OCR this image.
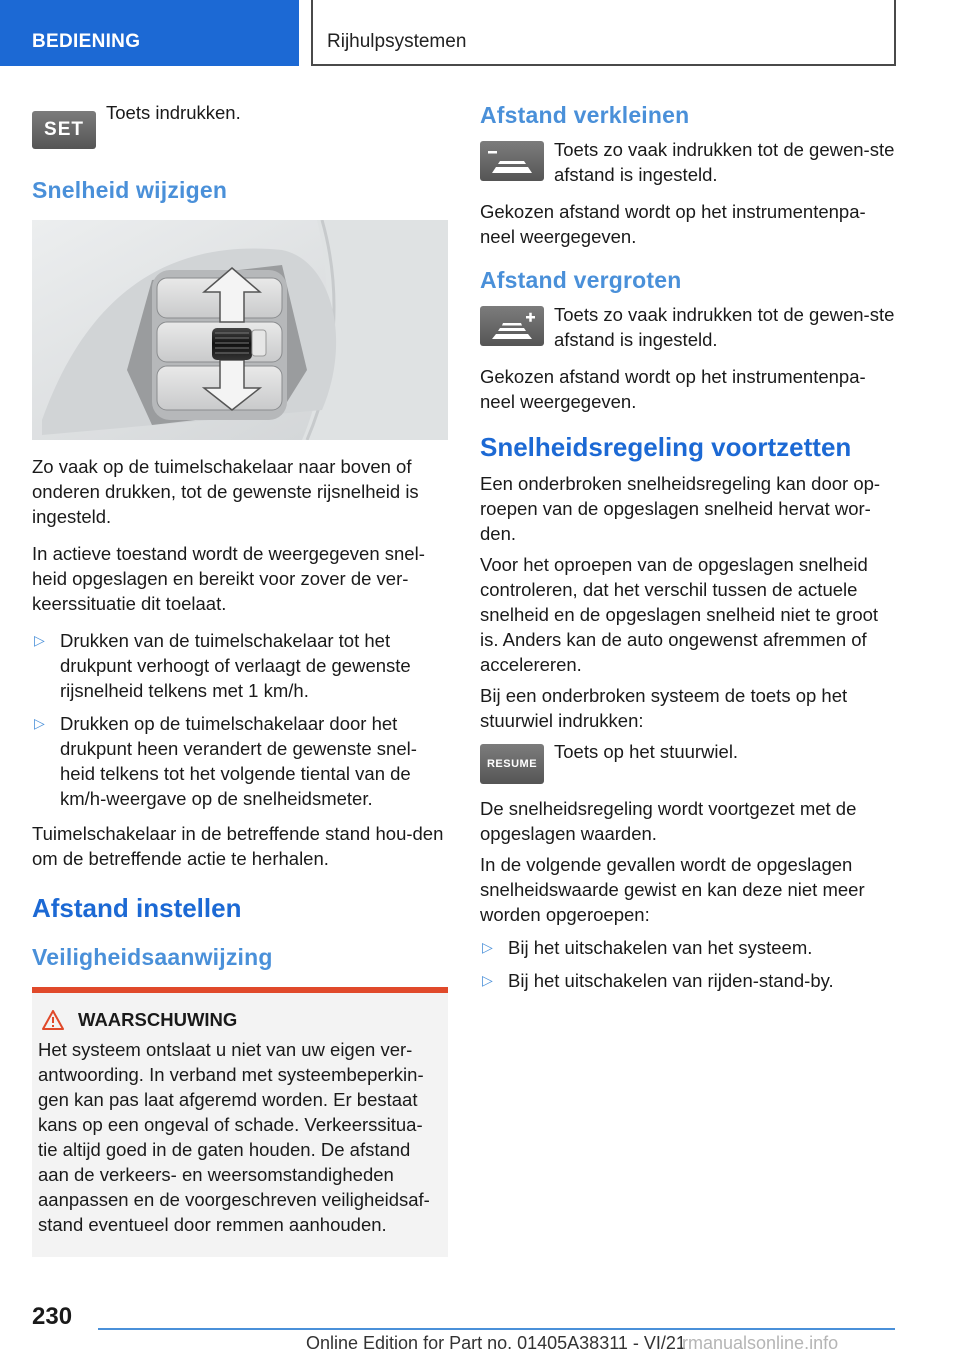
BEDIENING	Rijhulpsystemen
SET
Toets indrukken.
Snelheid wijzigen

Zo vaak op de tuimelschakelaar naar boven of onderen drukken, tot de gewenste rijsnelheid is ingesteld.

In actieve toestand wordt de weergegeven snel-heid opgeslagen en bereikt voor zover de ver-keerssituatie dit toelaat.

▷ Drukken van de tuimelschakelaar tot het drukpunt verhoogt of verlaagt de gewenste rijsnelheid telkens met 1 km/h.
▷ Drukken op de tuimelschakelaar door het drukpunt heen verandert de gewenste snel-heid telkens tot het volgende tiental van de km/h-weergave op de snelheidsmeter.

Tuimelschakelaar in de betreffende stand hou-den om de betreffende actie te herhalen.

Afstand instellen
Veiligheidsaanwijzing
WAARSCHUWING

Het systeem ontslaat u niet van uw eigen ver-antwoording. In verband met systeembeperkin-gen kan pas laat afgeremd worden. Er bestaat kans op een ongeval of schade. Verkeerssitua-tie altijd goed in de gaten houden. De afstand aan de verkeers- en weersomstandigheden aanpassen en de voorgeschreven veiligheidsaf-stand eventueel door remmen aanhouden.

Afstand verkleinen
Toets zo vaak indrukken tot de gewen-ste afstand is ingesteld.

Gekozen afstand wordt op het instrumentenpa-neel weergegeven.

Afstand vergroten
Toets zo vaak indrukken tot de gewen-ste afstand is ingesteld.

Gekozen afstand wordt op het instrumentenpa-neel weergegeven.

Snelheidsregeling voortzetten

Een onderbroken snelheidsregeling kan door op-roepen van de opgeslagen snelheid hervat wor-den.

Voor het oproepen van de opgeslagen snelheid controleren, dat het verschil tussen de actuele snelheid en de opgeslagen snelheid niet te groot is. Anders kan de auto ongewenst afremmen of accelereren.

Bij een onderbroken systeem de toets op het stuurwiel indrukken:

RESUME
Toets op het stuurwiel.

De snelheidsregeling wordt voortgezet met de opgeslagen waarden.

In de volgende gevallen wordt de opgeslagen snelheidswaarde gewist en kan deze niet meer worden opgeroepen:

▷ Bij het uitschakelen van het systeem.
▷ Bij het uitschakelen van rijden-stand-by.
230
Online Edition for Part no. 01405A38311 - VI/21
rmanualsonline.info
